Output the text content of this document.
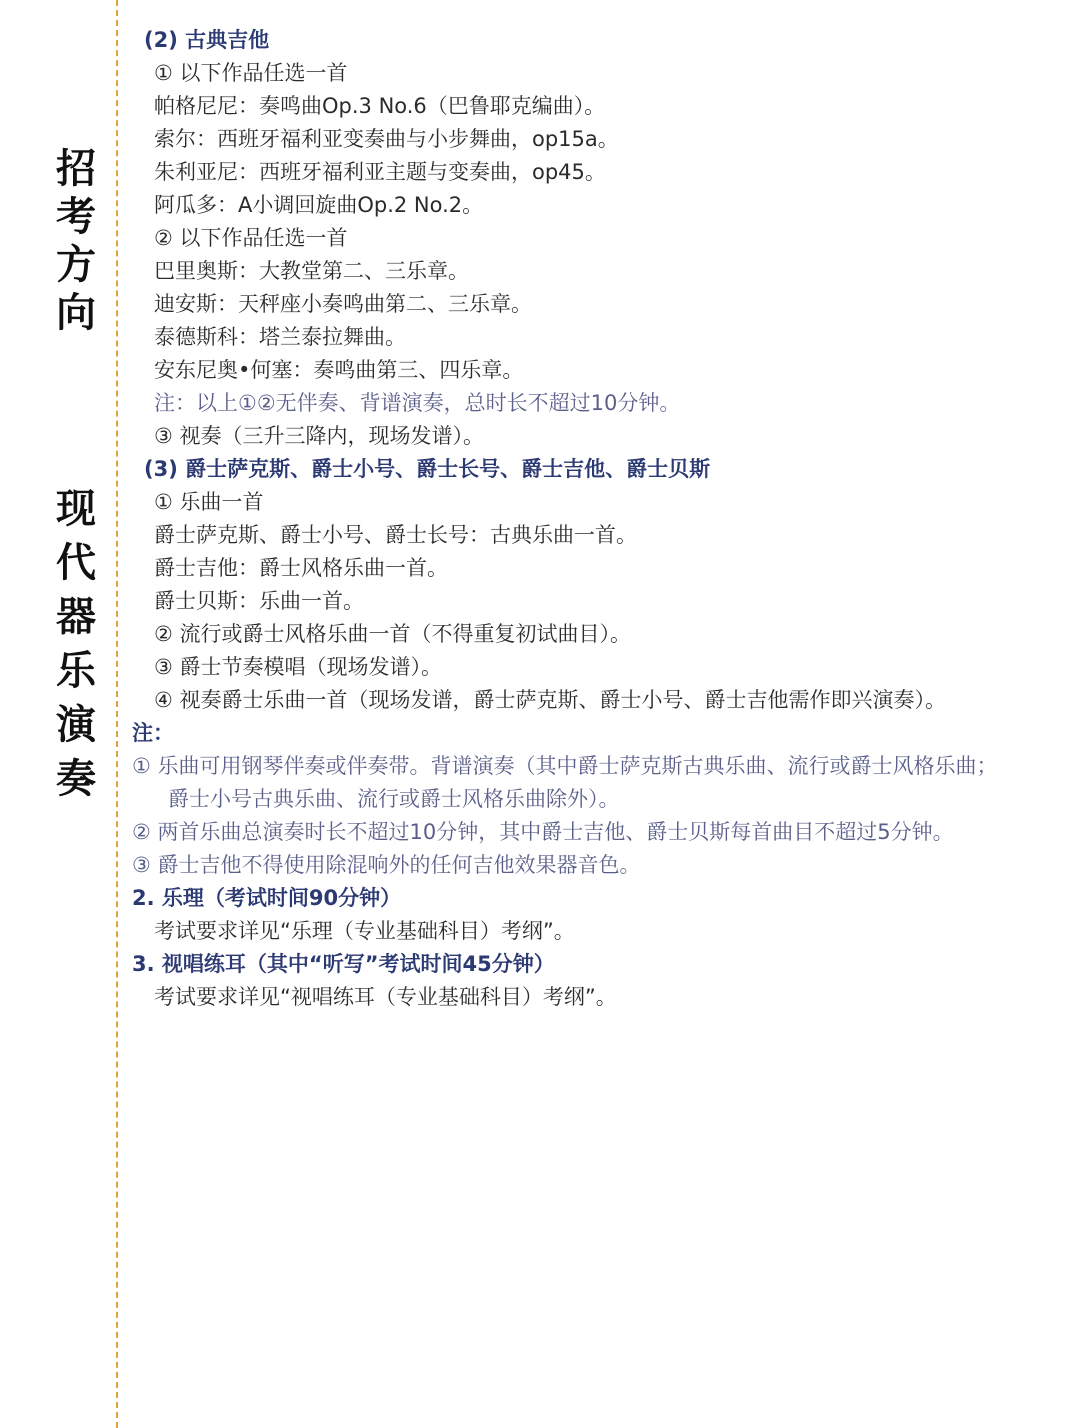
招
考
方
向
现
代
器
乐
演
奏
(2) 古典吉他
① 以下作品任选一首
帕格尼尼：奏鸣曲Op.3 No.6（巴鲁耶克编曲）。
索尔：西班牙福利亚变奏曲与小步舞曲，op15a。
朱利亚尼：西班牙福利亚主题与变奏曲，op45。
阿瓜多：A小调回旋曲Op.2 No.2。
② 以下作品任选一首
巴里奥斯：大教堂第二、三乐章。
迪安斯：天秤座小奏鸣曲第二、三乐章。
泰德斯科：塔兰泰拉舞曲。
安东尼奥•何塞：奏鸣曲第三、四乐章。
注：以上①②无伴奏、背谱演奏，总时长不超过10分钟。
③ 视奏（三升三降内，现场发谱）。
(3) 爵士萨克斯、爵士小号、爵士长号、爵士吉他、爵士贝斯
① 乐曲一首
爵士萨克斯、爵士小号、爵士长号：古典乐曲一首。
爵士吉他：爵士风格乐曲一首。
爵士贝斯：乐曲一首。
② 流行或爵士风格乐曲一首（不得重复初试曲目）。
③ 爵士节奏模唱（现场发谱）。
④ 视奏爵士乐曲一首（现场发谱，爵士萨克斯、爵士小号、爵士吉他需作即兴演奏）。
注：
① 乐曲可用钢琴伴奏或伴奏带。背谱演奏（其中爵士萨克斯古典乐曲、流行或爵士风格乐曲；
爵士小号古典乐曲、流行或爵士风格乐曲除外）。
② 两首乐曲总演奏时长不超过10分钟，其中爵士吉他、爵士贝斯每首曲目不超过5分钟。
③ 爵士吉他不得使用除混响外的任何吉他效果器音色。
2. 乐理（考试时间90分钟）
考试要求详见“乐理（专业基础科目）考纲”。
3. 视唱练耳（其中“听写”考试时间45分钟）
考试要求详见“视唱练耳（专业基础科目）考纲”。
